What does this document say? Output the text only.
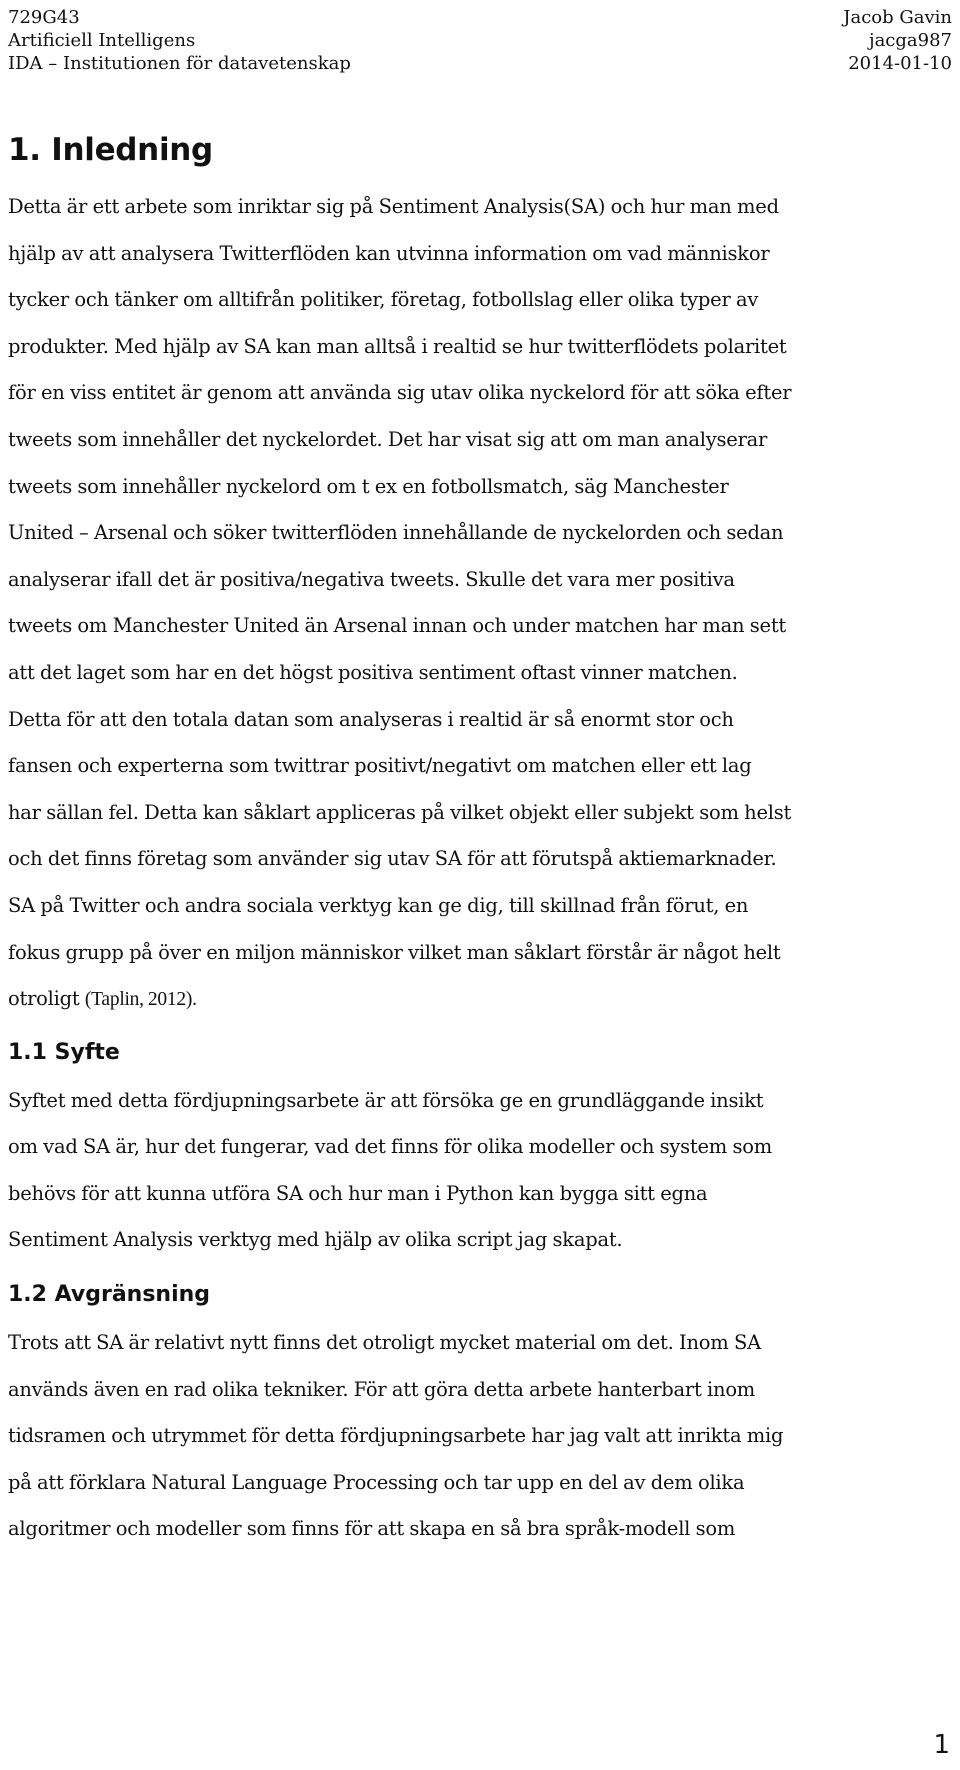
729G43
Artificiell Intelligens
IDA – Institutionen för datavetenskap
Jacob Gavin
jacga987
2014-01-10
1. Inledning

Detta är ett arbete som inriktar sig på Sentiment Analysis(SA) och hur man med
hjälp av att analysera Twitterflöden kan utvinna information om vad människor
tycker och tänker om alltifrån politiker, företag, fotbollslag eller olika typer av
produkter. Med hjälp av SA kan man alltså i realtid se hur twitterflödets polaritet
för en viss entitet är genom att använda sig utav olika nyckelord för att söka efter
tweets som innehåller det nyckelordet. Det har visat sig att om man analyserar
tweets som innehåller nyckelord om t ex en fotbollsmatch, säg Manchester
United – Arsenal och söker twitterflöden innehållande de nyckelorden och sedan
analyserar ifall det är positiva/negativa tweets. Skulle det vara mer positiva
tweets om Manchester United än Arsenal innan och under matchen har man sett
att det laget som har en det högst positiva sentiment oftast vinner matchen.
Detta för att den totala datan som analyseras i realtid är så enormt stor och
fansen och experterna som twittrar positivt/negativt om matchen eller ett lag
har sällan fel. Detta kan såklart appliceras på vilket objekt eller subjekt som helst
och det finns företag som använder sig utav SA för att förutspå aktiemarknader.
SA på Twitter och andra sociala verktyg kan ge dig, till skillnad från förut, en
fokus grupp på över en miljon människor vilket man såklart förstår är något helt
otroligt (Taplin, 2012).

1.1 Syfte

Syftet med detta fördjupningsarbete är att försöka ge en grundläggande insikt
om vad SA är, hur det fungerar, vad det finns för olika modeller och system som
behövs för att kunna utföra SA och hur man i Python kan bygga sitt egna
Sentiment Analysis verktyg med hjälp av olika script jag skapat.

1.2 Avgränsning

Trots att SA är relativt nytt finns det otroligt mycket material om det. Inom SA
används även en rad olika tekniker. För att göra detta arbete hanterbart inom
tidsramen och utrymmet för detta fördjupningsarbete har jag valt att inrikta mig
på att förklara Natural Language Processing och tar upp en del av dem olika
algoritmer och modeller som finns för att skapa en så bra språk-modell som

1
